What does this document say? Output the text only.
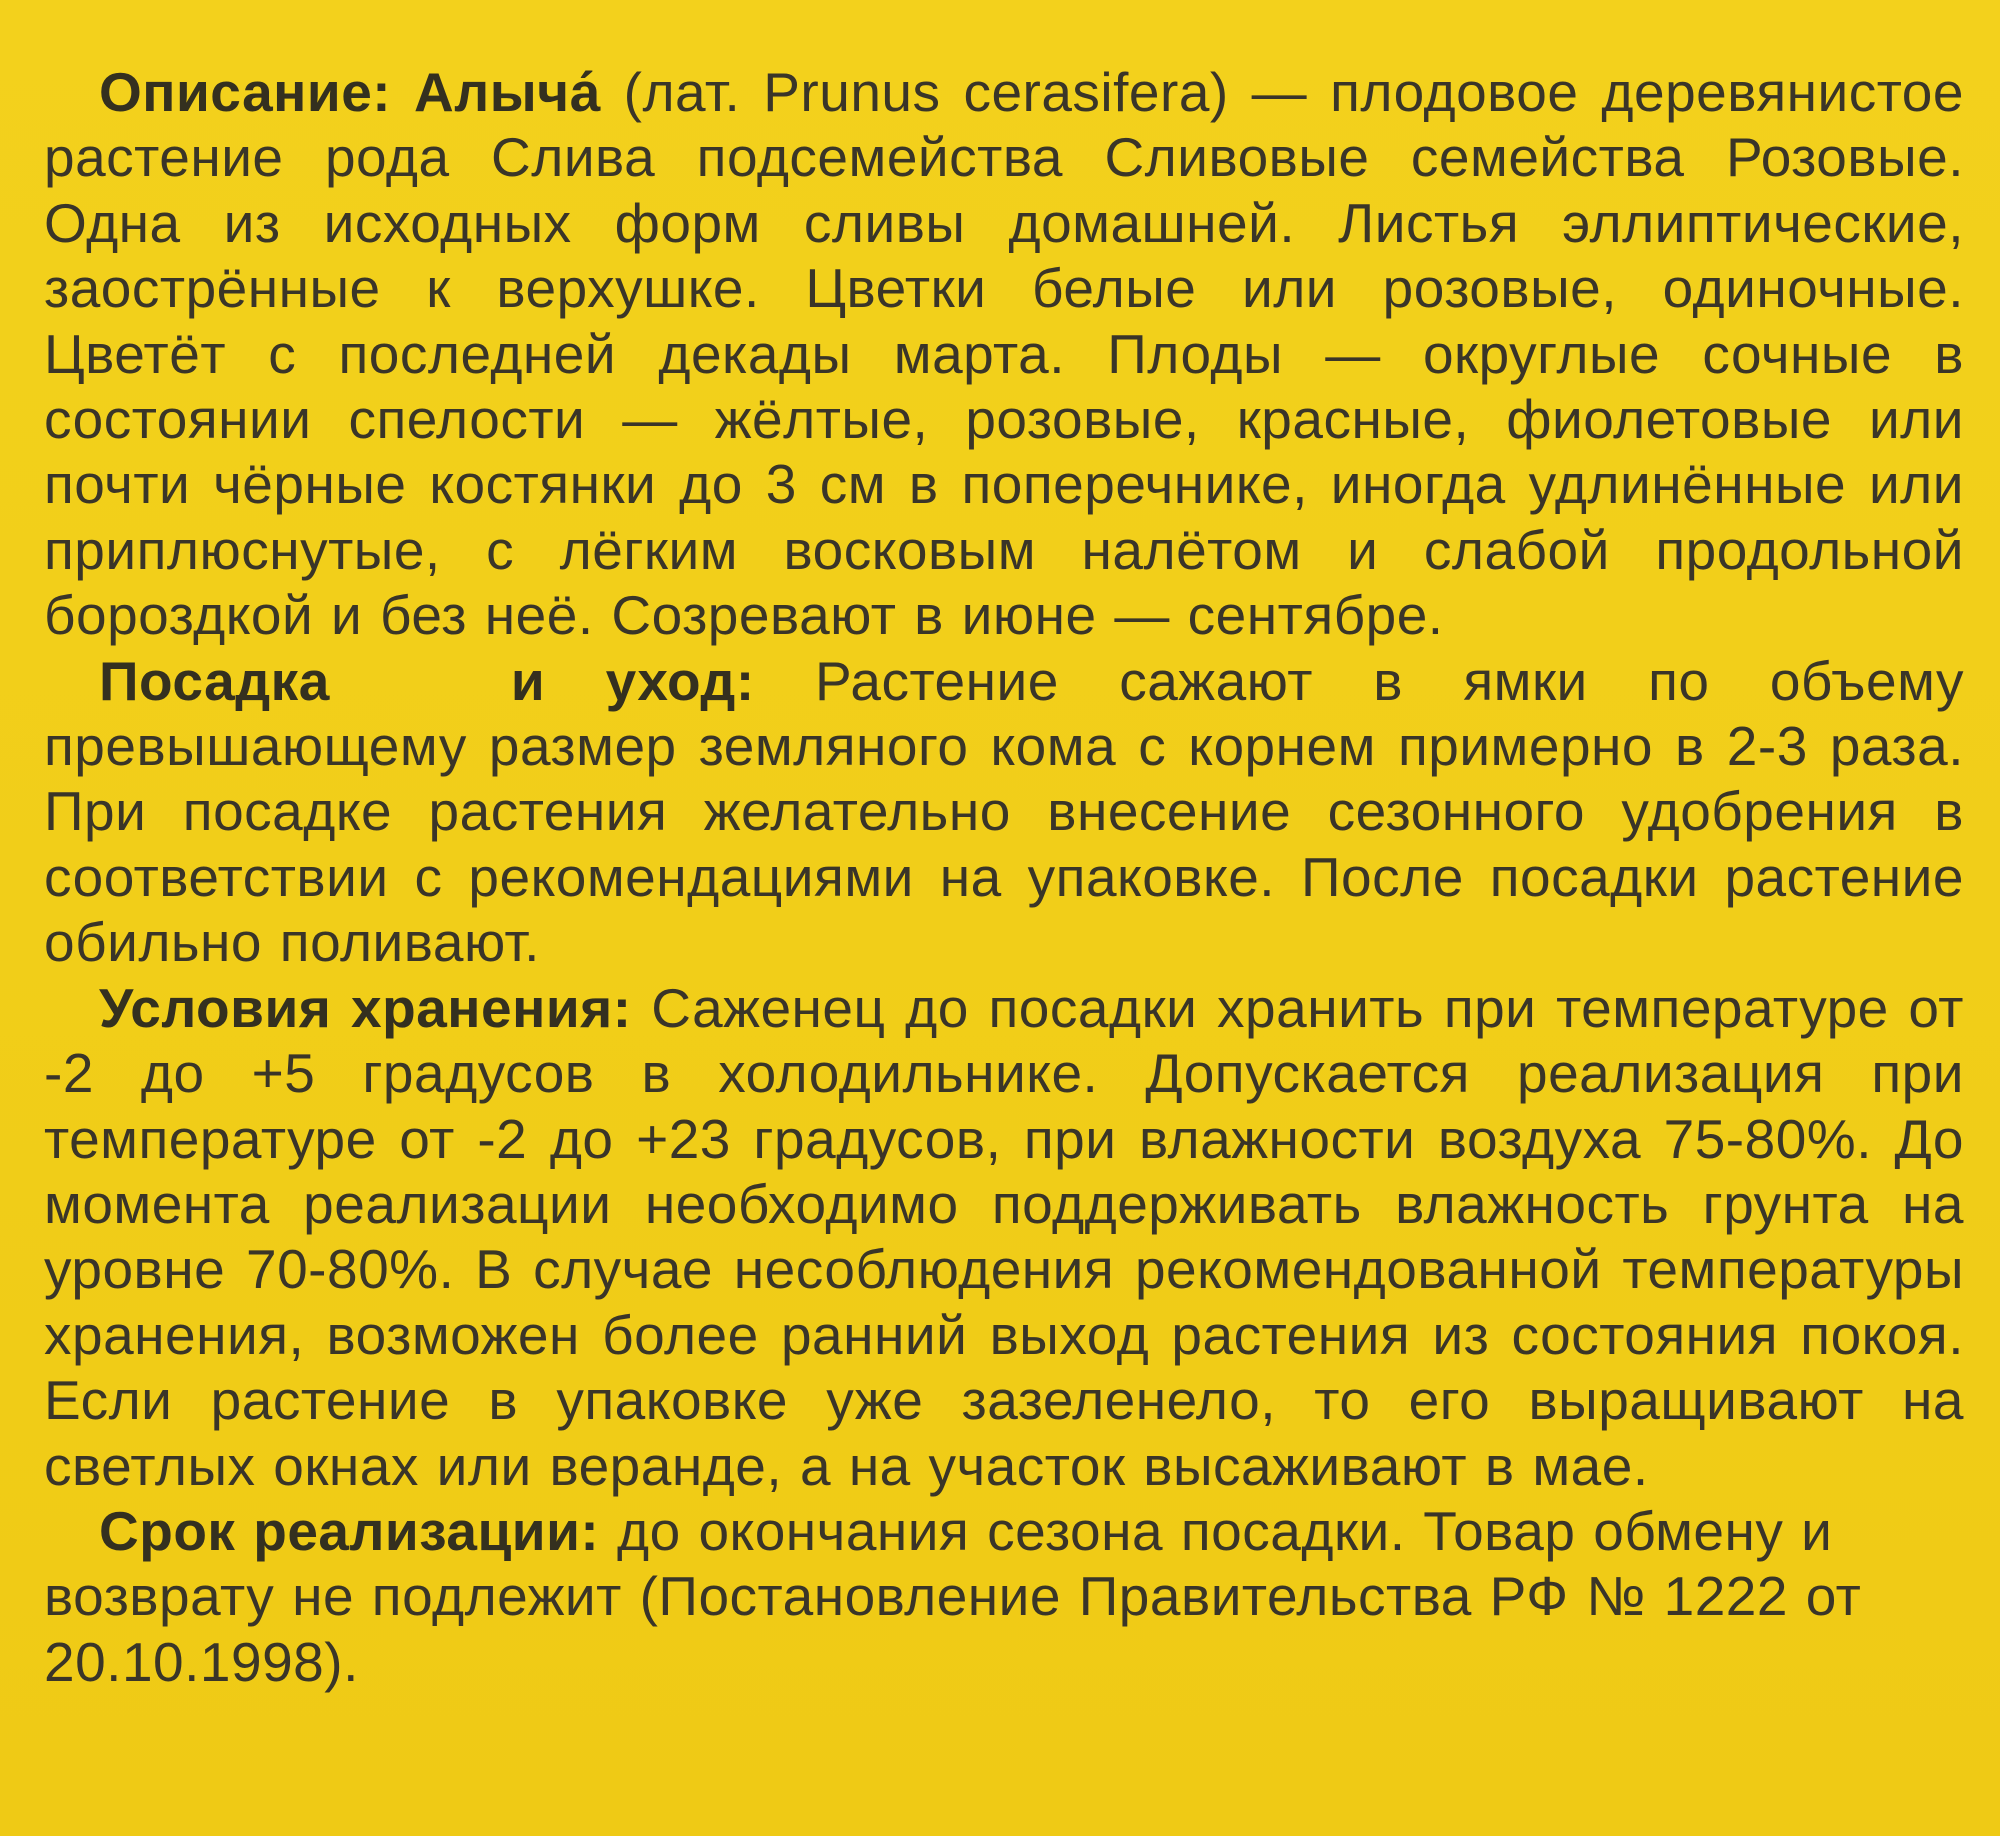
Описание: Алыча́ (лат. Prunus cerasifera) — плодовое деревянистое растение рода Слива подсемейства Сливовые семейства Розовые. Одна из исходных форм сливы домашней. Листья эллиптические, заострённые к верхушке. Цветки белые или розовые, одиночные. Цветёт с последней декады марта. Плоды — округлые сочные в состоянии спелости — жёлтые, розовые, красные, фиолетовые или почти чёрные костянки до 3 см в поперечнике, иногда удлинённые или приплюснутые, с лёгким восковым налётом и слабой продольной бороздкой и без неё. Созревают в июне — сентябре.

Посадка   и уход: Растение сажают в ямки по объему превышающему размер земляного кома с корнем примерно в 2-3 раза. При посадке растения желательно внесение сезонного удобрения в соответствии с рекомендациями на упаковке. После посадки растение обильно поливают.

Условия хранения: Саженец до посадки хранить при температуре от -2 до +5 градусов в холодильнике. Допускается реализация при температуре от -2 до +23 градусов, при влажности воздуха 75-80%. До момента реализации необходимо поддерживать влажность грунта на уровне 70-80%. В случае несоблюдения рекомендованной температуры хранения, возможен более ранний выход растения из состояния покоя. Если растение в упаковке уже зазеленело, то его выращивают на светлых окнах или веранде, а на участок высаживают в мае.

Срок реализации: до окончания сезона посадки. Товар обмену и возврату не подлежит (Постановление Правительства РФ № 1222 от 20.10.1998).
